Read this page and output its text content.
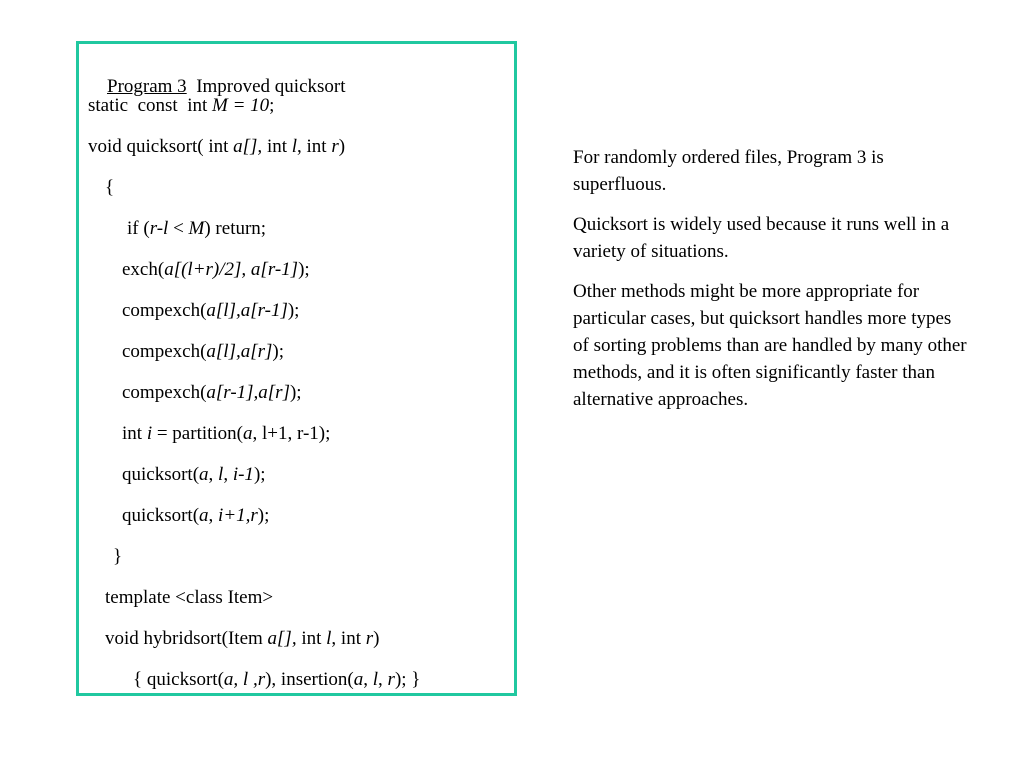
Program 3 Improved quicksort

static  const  int M = 10;
void quicksort( int a[], int l, int r)
{
if (r-l < M) return;
exch(a[(l+r)/2], a[r-1]);
compexch(a[l],a[r-1]);
compexch(a[l],a[r]);
compexch(a[r-1],a[r]);
int i = partition(a, l+1, r-1);
quicksort(a, l, i-1);
quicksort(a, i+1,r);
}
template <class Item>
void hybridsort(Item a[], int l, int r)
{ quicksort(a, l ,r), insertion(a, l, r); }

For randomly ordered files, Program 3 is superfluous.

Quicksort is widely used because it runs well in a variety of situations.

Other methods might be more appropriate for particular cases, but quicksort handles more types of sorting problems than are handled by many other methods, and it is often significantly faster than alternative approaches.
